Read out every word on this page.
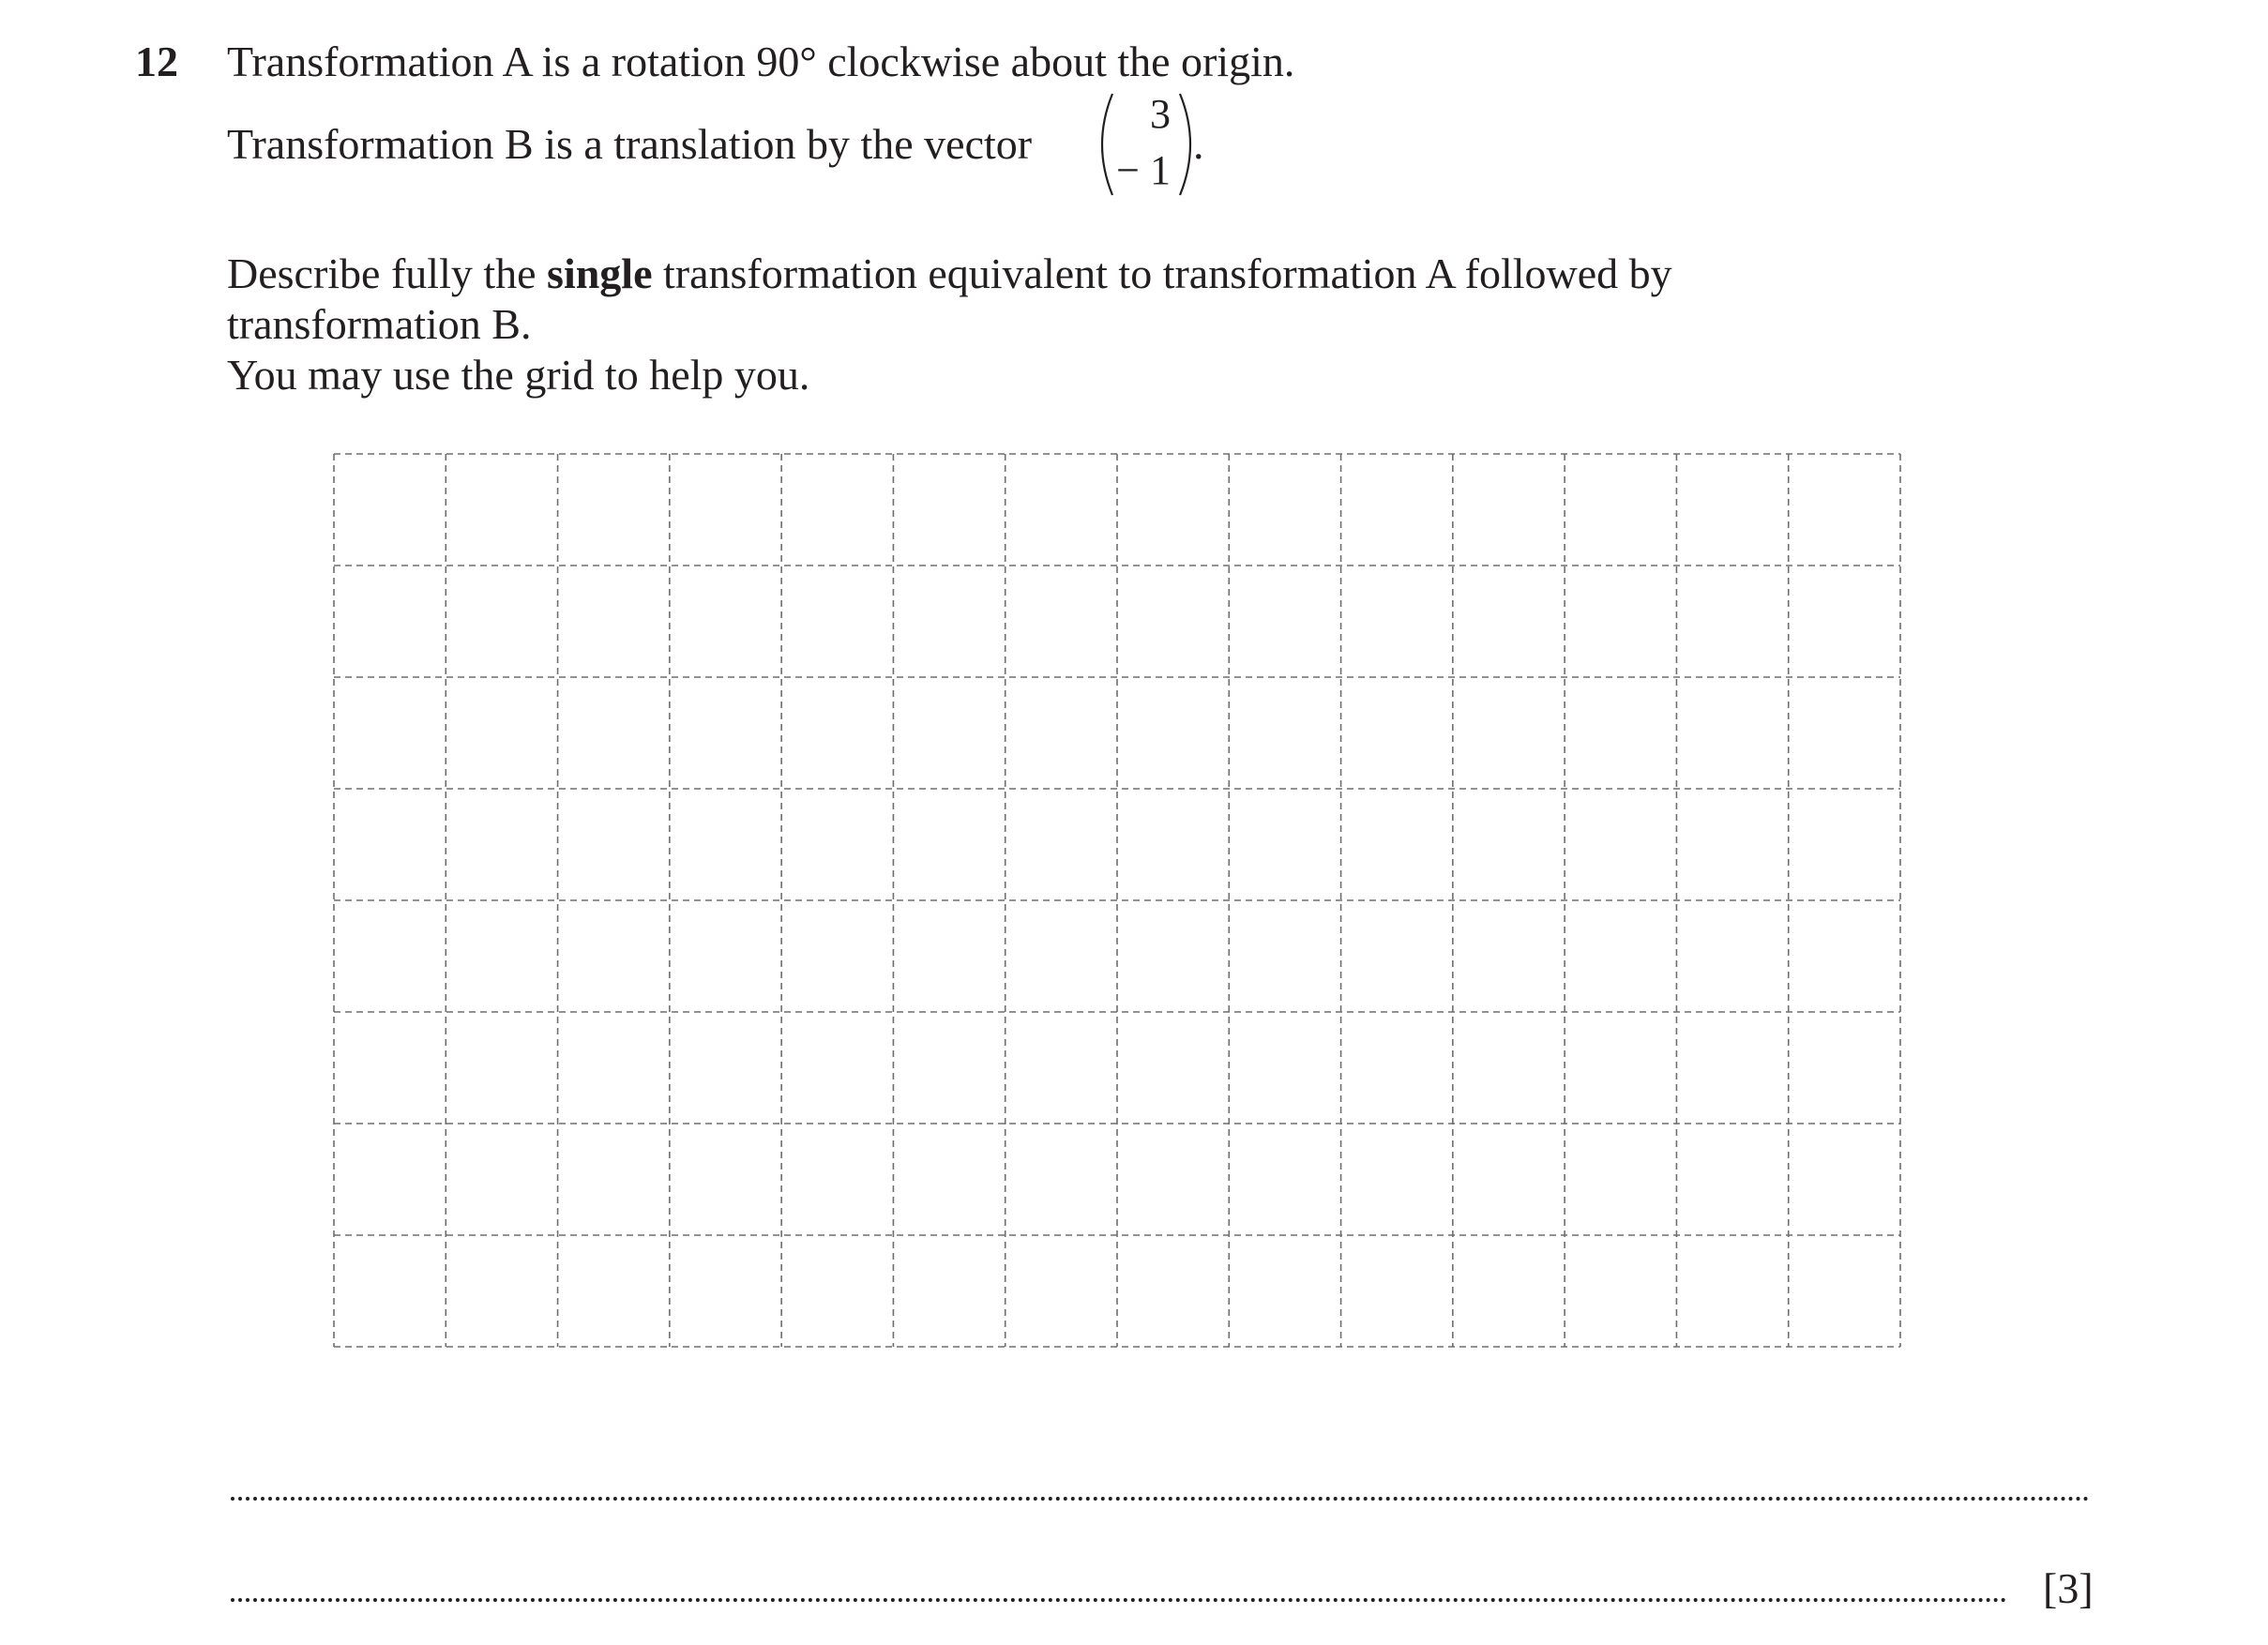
12 Transformation A is a rotation 90° clockwise about the origin.
Transformation B is a translation by the vector
3
− 1
.
Describe fully the single transformation equivalent to transformation A followed by
transformation B.
You may use the grid to help you.
[3]
